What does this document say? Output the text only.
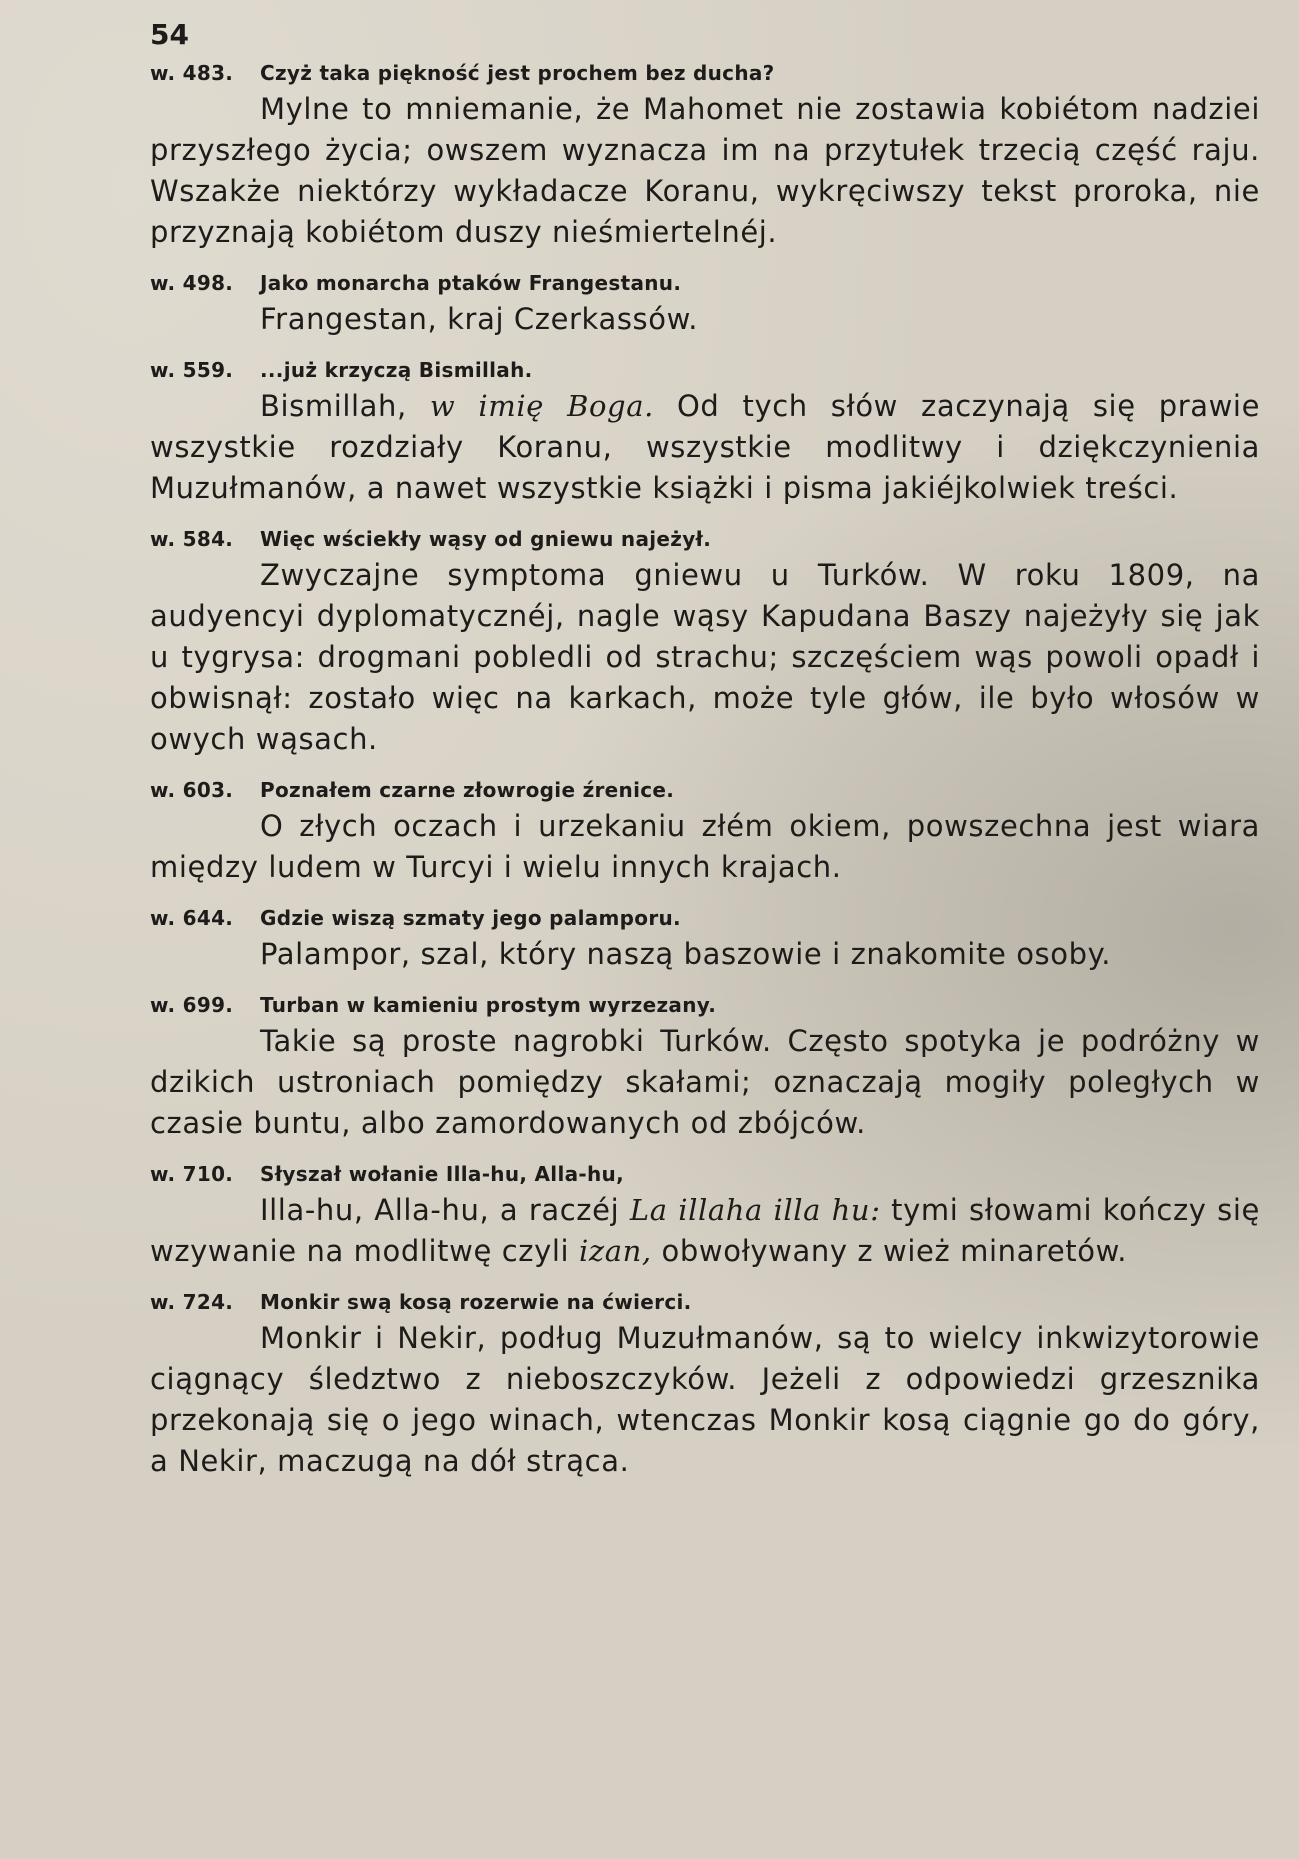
54

w. 483. Czyż taka piękność jest prochem bez ducha?

Mylne to mniemanie, że Mahomet nie zostawia kobiétom nadziei przyszłego życia; owszem wyznacza im na przytułek trzecią część raju. Wszakże niektórzy wykładacze Koranu, wykręciwszy tekst proroka, nie przyznają kobiétom duszy nieśmiertelnéj.

w. 498. Jako monarcha ptaków Frangestanu.

Frangestan, kraj Czerkassów.

w. 559. ...już krzyczą Bismillah.

Bismillah, w imię Boga. Od tych słów zaczynają się prawie wszystkie rozdziały Koranu, wszystkie modlitwy i dziękczynienia Muzułmanów, a nawet wszystkie książki i pisma jakiéjkolwiek treści.

w. 584. Więc wściekły wąsy od gniewu najeżył.

Zwyczajne symptoma gniewu u Turków. W roku 1809, na audyencyi dyplomatycznéj, nagle wąsy Kapudana Baszy najeżyły się jak u tygrysa: drogmani pobledli od strachu; szczęściem wąs powoli opadł i obwisnął: zostało więc na karkach, może tyle głów, ile było włosów w owych wąsach.

w. 603. Poznałem czarne złowrogie źrenice.

O złych oczach i urzekaniu złém okiem, powszechna jest wiara między ludem w Turcyi i wielu innych krajach.

w. 644. Gdzie wiszą szmaty jego palamporu.

Palampor, szal, który naszą baszowie i znakomite osoby.

w. 699. Turban w kamieniu prostym wyrzezany.

Takie są proste nagrobki Turków. Często spotyka je podróżny w dzikich ustroniach pomiędzy skałami; oznaczają mogiły poległych w czasie buntu, albo zamordowanych od zbójców.

w. 710. Słyszał wołanie Illa-hu, Alla-hu,

Illa-hu, Alla-hu, a raczéj La illaha illa hu: tymi słowami kończy się wzywanie na modlitwę czyli izan, obwoływany z wież minaretów.

w. 724. Monkir swą kosą rozerwie na ćwierci.

Monkir i Nekir, podług Muzułmanów, są to wielcy inkwizytorowie ciągnący śledztwo z nieboszczyków. Jeżeli z odpowiedzi grzesznika przekonają się o jego winach, wtenczas Monkir kosą ciągnie go do góry, a Nekir, maczugą na dół strąca.
